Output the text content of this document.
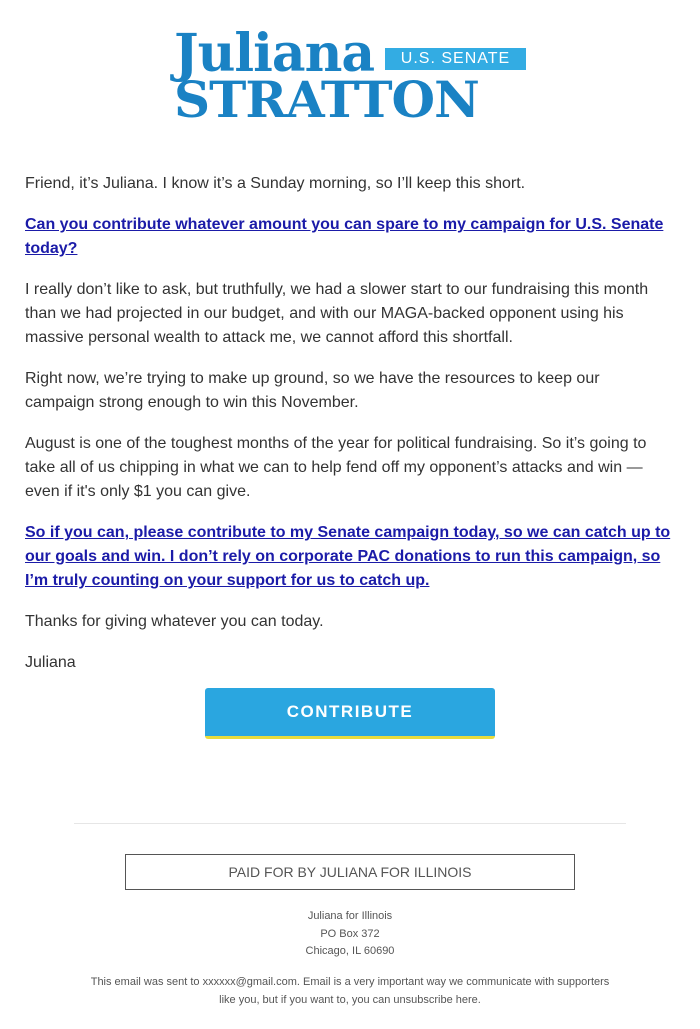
Juliana	U.S. SENATE
STRATTON

Friend, it’s Juliana. I know it’s a Sunday morning, so I’ll keep this short.

Can you contribute whatever amount you can spare to my campaign for U.S. Senate today?

I really don’t like to ask, but truthfully, we had a slower start to our fundraising this month than we had projected in our budget, and with our MAGA-backed opponent using his massive personal wealth to attack me, we cannot afford this shortfall.

Right now, we’re trying to make up ground, so we have the resources to keep our campaign strong enough to win this November.

August is one of the toughest months of the year for political fundraising. So it’s going to take all of us chipping in what we can to help fend off my opponent’s attacks and win — even if it's only $1 you can give.

So if you can, please contribute to my Senate campaign today, so we can catch up to our goals and win. I don’t rely on corporate PAC donations to run this campaign, so I’m truly counting on your support for us to catch up.

Thanks for giving whatever you can today.

Juliana

CONTRIBUTE
PAID FOR BY JULIANA FOR ILLINOIS
Juliana for Illinois
PO Box 372
Chicago, IL 60690
This email was sent to xxxxxx@gmail.com. Email is a very important way we communicate with supporters like you, but if you want to, you can unsubscribe here.
